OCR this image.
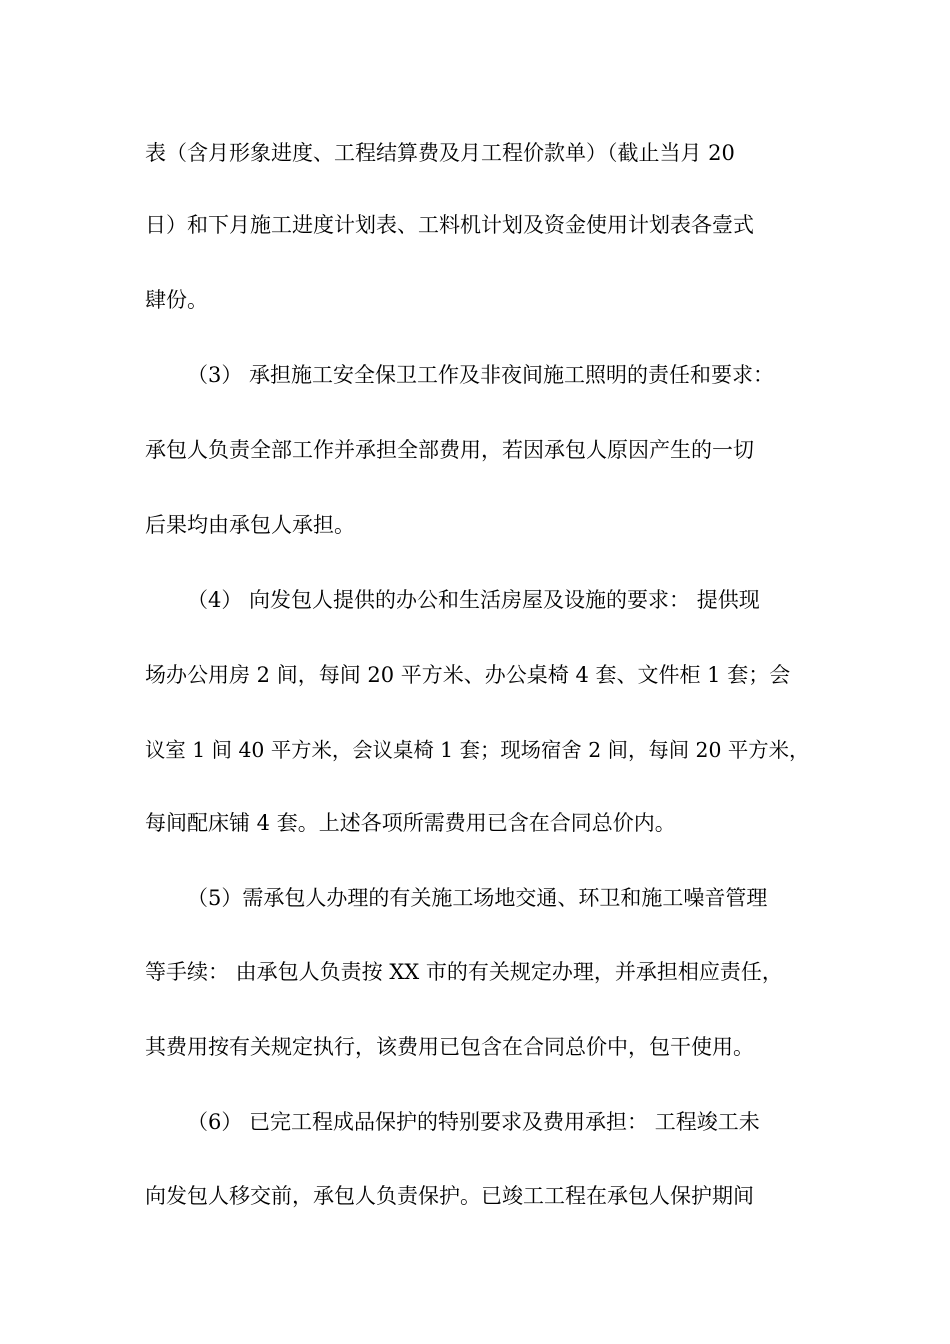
表（含月形象进度、工程结算费及月工程价款单）（截止当月 20
日）和下月施工进度计划表、工料机计划及资金使用计划表各壹式
肆份。
（3） 承担施工安全保卫工作及非夜间施工照明的责任和要求：
承包人负责全部工作并承担全部费用，若因承包人原因产生的一切
后果均由承包人承担。
（4） 向发包人提供的办公和生活房屋及设施的要求： 提供现
场办公用房 2 间，每间 20 平方米、办公桌椅 4 套、文件柜 1 套；会
议室 1 间 40 平方米，会议桌椅 1 套；现场宿舍 2 间，每间 20 平方米，
每间配床铺 4 套。上述各项所需费用已含在合同总价内。
（5）需承包人办理的有关施工场地交通、环卫和施工噪音管理
等手续： 由承包人负责按 XX 市的有关规定办理，并承担相应责任，
其费用按有关规定执行，该费用已包含在合同总价中，包干使用。
（6） 已完工程成品保护的特别要求及费用承担： 工程竣工未
向发包人移交前，承包人负责保护。已竣工工程在承包人保护期间
